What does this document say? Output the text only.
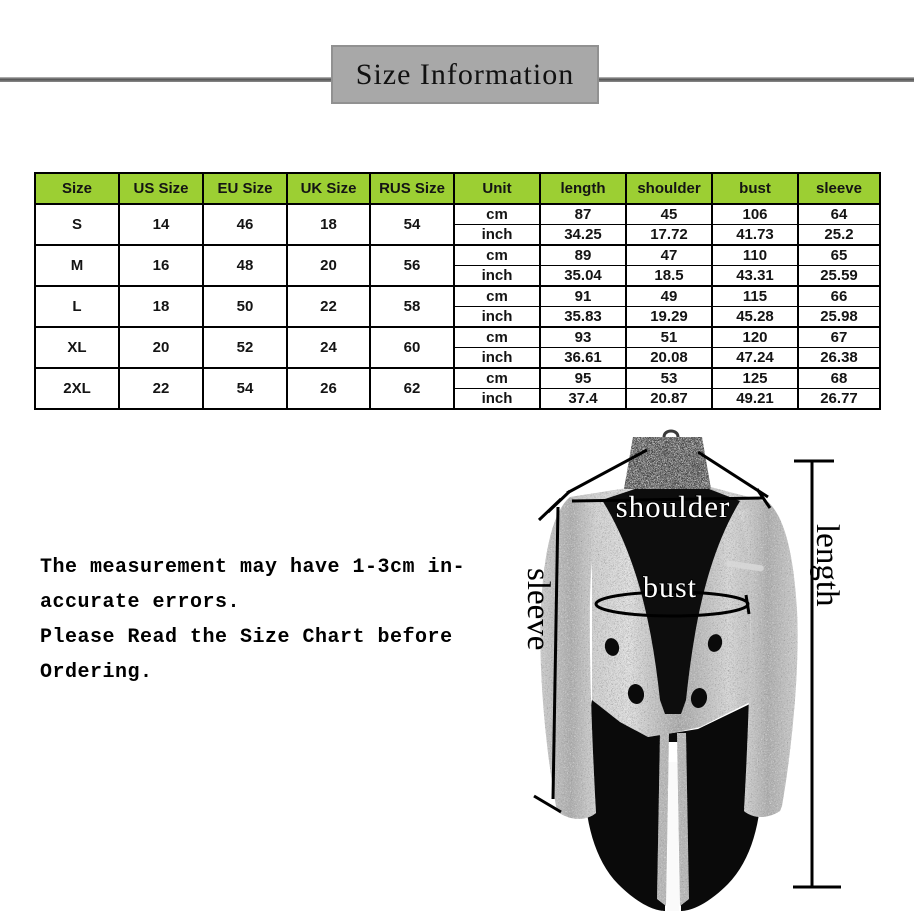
Size Information
Size	US Size	EU Size	UK Size	RUS Size	Unit	length	shoulder	bust	sleeve
S	14	46	18	54	cm	87	45	106	64
					inch	34.25	17.72	41.73	25.2
M	16	48	20	56	cm	89	47	110	65
					inch	35.04	18.5	43.31	25.59
L	18	50	22	58	cm	91	49	115	66
					inch	35.83	19.29	45.28	25.98
XL	20	52	24	60	cm	93	51	120	67
					inch	36.61	20.08	47.24	26.38
2XL	22	54	26	62	cm	95	53	125	68
					inch	37.4	20.87	49.21	26.77
The measurement may have 1-3cm in-
accurate errors.
Please Read the Size Chart before
Ordering.
shoulder
bust
sleeve
length
